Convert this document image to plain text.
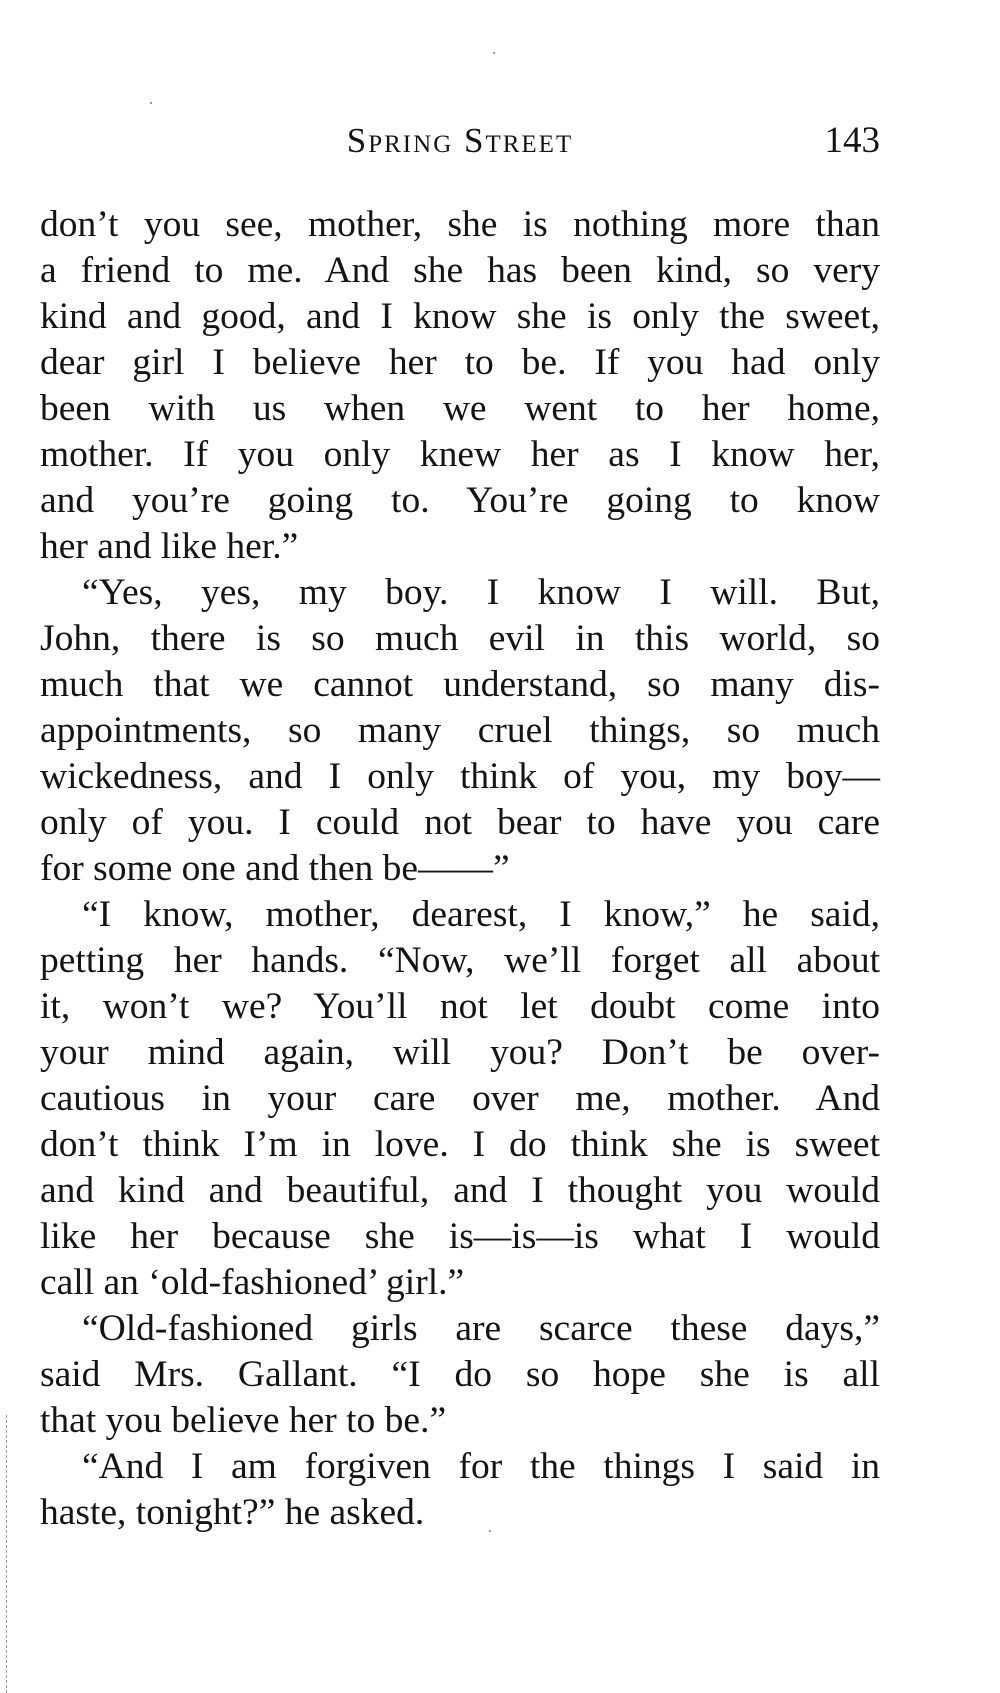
Spring Street	143
don’t you see, mother, she is nothing more than
a friend to me. And she has been kind, so very
kind and good, and I know she is only the sweet,
dear girl I believe her to be. If you had only
been with us when we went to her home,
mother. If you only knew her as I know her,
and you’re going to. You’re going to know
her and like her.”
“Yes, yes, my boy. I know I will. But,
John, there is so much evil in this world, so
much that we cannot understand, so many dis-
appointments, so many cruel things, so much
wickedness, and I only think of you, my boy—
only of you. I could not bear to have you care
for some one and then be——”
“I know, mother, dearest, I know,” he said,
petting her hands. “Now, we’ll forget all about
it, won’t we? You’ll not let doubt come into
your mind again, will you? Don’t be over-
cautious in your care over me, mother. And
don’t think I’m in love. I do think she is sweet
and kind and beautiful, and I thought you would
like her because she is—is—is what I would
call an ‘old-fashioned’ girl.”
“Old-fashioned girls are scarce these days,”
said Mrs. Gallant. “I do so hope she is all
that you believe her to be.”
“And I am forgiven for the things I said in
haste, tonight?” he asked.
